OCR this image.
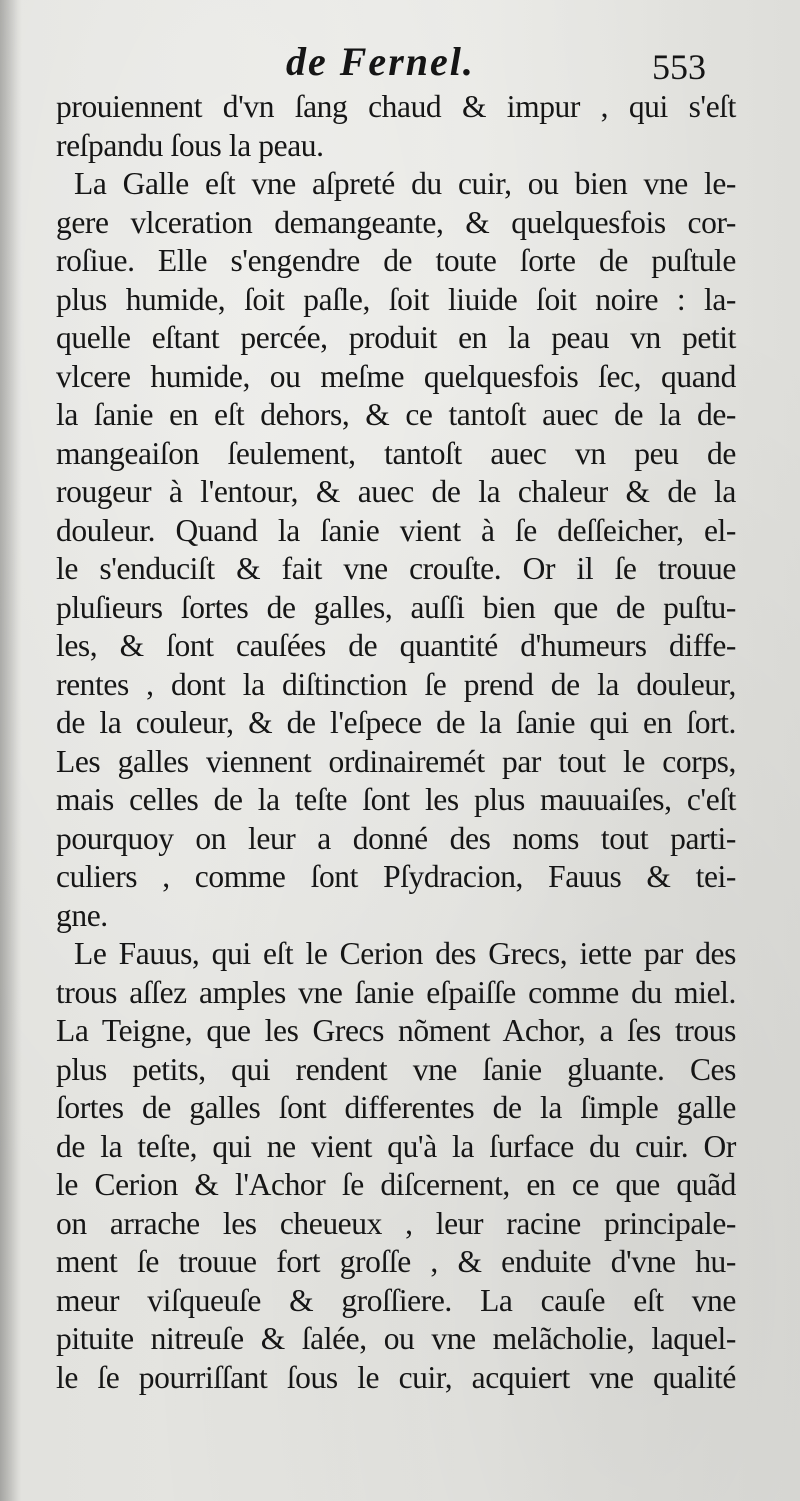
de Fernel.	553
prouiennent d'vn ſang chaud & impur , qui s'eſt
reſpandu ſous la peau.
La Galle eſt vne aſpreté du cuir, ou bien vne le-
gere vlceration demangeante, & quelquesfois cor-
roſiue. Elle s'engendre de toute ſorte de puſtule
plus humide, ſoit paſle, ſoit liuide ſoit noire : la-
quelle eſtant percée, produit en la peau vn petit
vlcere humide, ou meſme quelquesfois ſec, quand
la ſanie en eſt dehors, & ce tantoſt auec de la de-
mangeaiſon ſeulement, tantoſt auec vn peu de
rougeur à l'entour, & auec de la chaleur & de la
douleur. Quand la ſanie vient à ſe deſſeicher, el-
le s'enduciſt & fait vne crouſte. Or il ſe trouue
pluſieurs ſortes de galles, auſſi bien que de puſtu-
les, & ſont cauſées de quantité d'humeurs diffe-
rentes , dont la diſtinction ſe prend de la douleur,
de la couleur, & de l'eſpece de la ſanie qui en ſort.
Les galles viennent ordinairemét par tout le corps,
mais celles de la teſte ſont les plus mauuaiſes, c'eſt
pourquoy on leur a donné des noms tout parti-
culiers , comme ſont Pſydracion, Fauus & tei-
gne.
Le Fauus, qui eſt le Cerion des Grecs, iette par des
trous aſſez amples vne ſanie eſpaiſſe comme du miel.
La Teigne, que les Grecs nõment Achor, a ſes trous
plus petits, qui rendent vne ſanie gluante. Ces
ſortes de galles ſont differentes de la ſimple galle
de la teſte, qui ne vient qu'à la ſurface du cuir. Or
le Cerion & l'Achor ſe diſcernent, en ce que quãd
on arrache les cheueux , leur racine principale-
ment ſe trouue fort groſſe , & enduite d'vne hu-
meur viſqueuſe & groſſiere. La cauſe eſt vne
pituite nitreuſe & ſalée, ou vne melãcholie, laquel-
le ſe pourriſſant ſous le cuir, acquiert vne qualité
